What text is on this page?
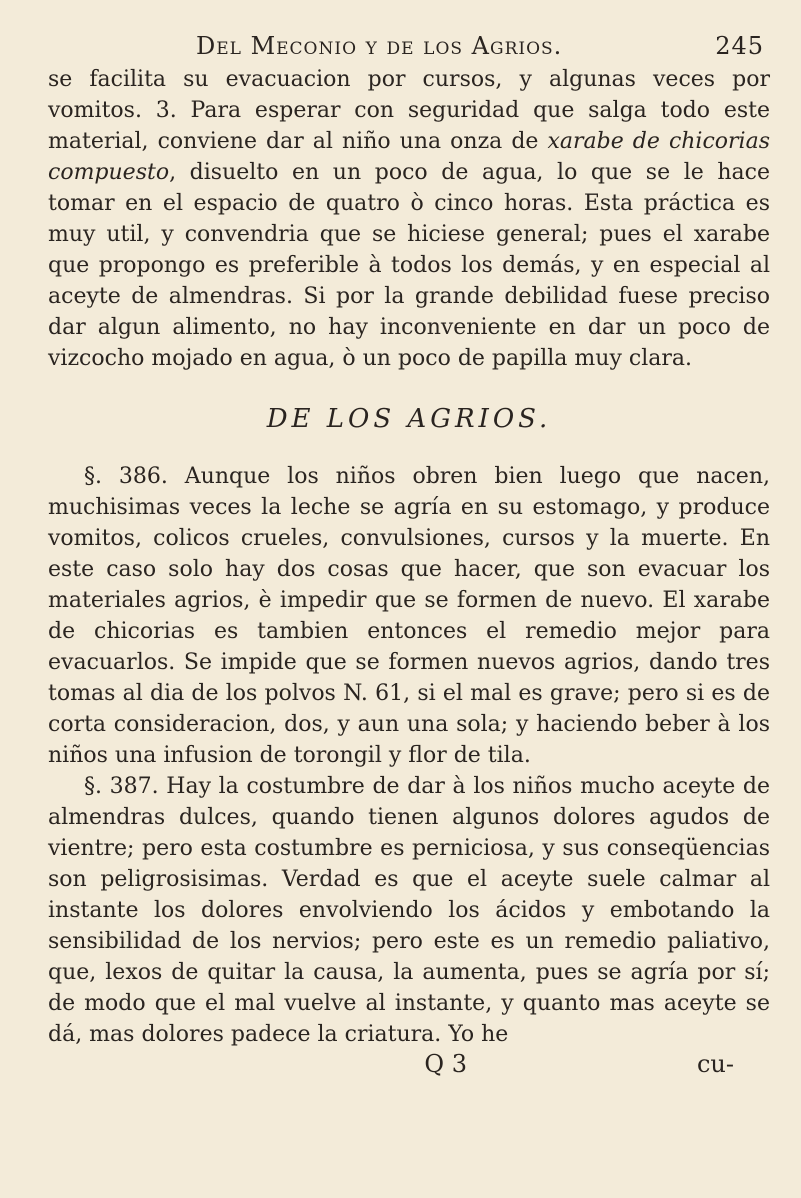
Del Meconio y de los Agrios.	245

se facilita su evacuacion por cursos, y algunas veces por vomitos. 3. Para esperar con seguridad que salga todo este material, conviene dar al niño una onza de xarabe de chicorias compuesto, disuelto en un poco de agua, lo que se le hace tomar en el espacio de quatro ò cinco horas. Esta práctica es muy util, y convendria que se hiciese general; pues el xarabe que propongo es preferible à todos los demás, y en especial al aceyte de almendras. Si por la grande debilidad fuese preciso dar algun alimento, no hay inconveniente en dar un poco de vizcocho mojado en agua, ò un poco de papilla muy clara.

DE LOS AGRIOS.

§. 386. Aunque los niños obren bien luego que nacen, muchisimas veces la leche se agría en su estomago, y produce vomitos, colicos crueles, convulsiones, cursos y la muerte. En este caso solo hay dos cosas que hacer, que son evacuar los materiales agrios, è impedir que se formen de nuevo. El xarabe de chicorias es tambien entonces el remedio mejor para evacuarlos. Se impide que se formen nuevos agrios, dando tres tomas al dia de los polvos N. 61, si el mal es grave; pero si es de corta consideracion, dos, y aun una sola; y haciendo beber à los niños una infusion de torongil y flor de tila.

§. 387. Hay la costumbre de dar à los niños mucho aceyte de almendras dulces, quando tienen algunos dolores agudos de vientre; pero esta costumbre es perniciosa, y sus conseqüencias son peligrosisimas. Verdad es que el aceyte suele calmar al instante los dolores envolviendo los ácidos y embotando la sensibilidad de los nervios; pero este es un remedio paliativo, que, lexos de quitar la causa, la aumenta, pues se agría por sí; de modo que el mal vuelve al instante, y quanto mas aceyte se dá, mas dolores padece la criatura. Yo he

Q 3	cu-
